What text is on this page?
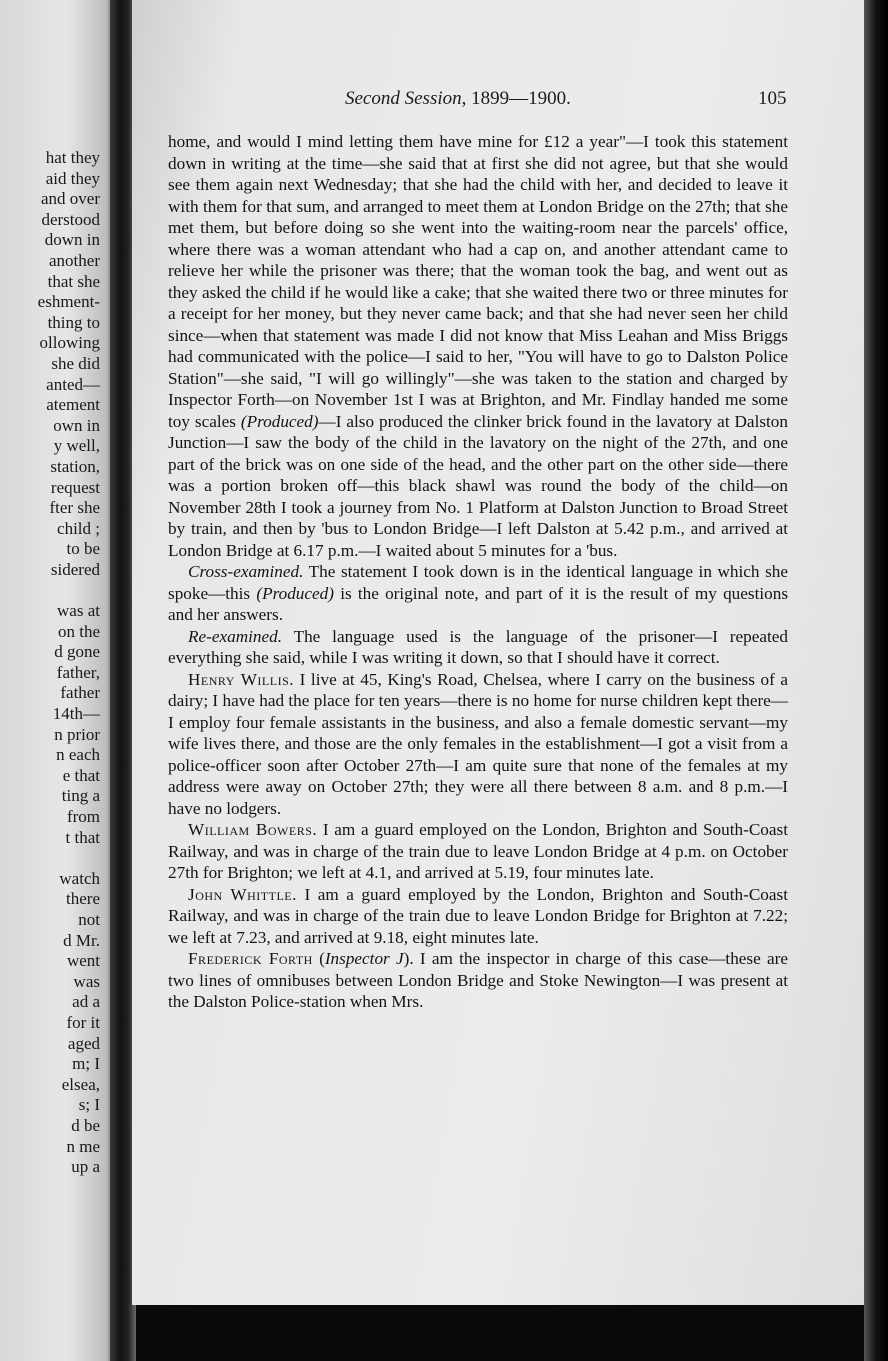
hat they
aid they
and over
derstood
down in
another
that she
eshment-
thing to
ollowing
she did
anted—
atement
own in
y well,
station,
request
fter she
child ;
to be
sidered
was at
on the
d gone
father,
father
14th—
n prior
n each
e that
ting a
from
t that
watch
there
not
d Mr.
went
was
ad a
for it
aged
m; I
elsea,
s; I
d be
n me
up a
Second Session, 1899—1900.	105

home, and would I mind letting them have mine for £12 a year"—I took this statement down in writing at the time—she said that at first she did not agree, but that she would see them again next Wednesday; that she had the child with her, and decided to leave it with them for that sum, and arranged to meet them at London Bridge on the 27th; that she met them, but before doing so she went into the waiting-room near the parcels' office, where there was a woman attendant who had a cap on, and another attendant came to relieve her while the prisoner was there; that the woman took the bag, and went out as they asked the child if he would like a cake; that she waited there two or three minutes for a receipt for her money, but they never came back; and that she had never seen her child since—when that statement was made I did not know that Miss Leahan and Miss Briggs had communicated with the police—I said to her, "You will have to go to Dalston Police Station"—she said, "I will go willingly"—she was taken to the station and charged by Inspector Forth—on November 1st I was at Brighton, and Mr. Findlay handed me some toy scales (Produced)—I also produced the clinker brick found in the lavatory at Dalston Junction—I saw the body of the child in the lavatory on the night of the 27th, and one part of the brick was on one side of the head, and the other part on the other side—there was a portion broken off—this black shawl was round the body of the child—on November 28th I took a journey from No. 1 Platform at Dalston Junction to Broad Street by train, and then by 'bus to London Bridge—I left Dalston at 5.42 p.m., and arrived at London Bridge at 6.17 p.m.—I waited about 5 minutes for a 'bus.

Cross-examined. The statement I took down is in the identical language in which she spoke—this (Produced) is the original note, and part of it is the result of my questions and her answers.

Re-examined. The language used is the language of the prisoner—I repeated everything she said, while I was writing it down, so that I should have it correct.

Henry Willis. I live at 45, King's Road, Chelsea, where I carry on the business of a dairy; I have had the place for ten years—there is no home for nurse children kept there—I employ four female assistants in the business, and also a female domestic servant—my wife lives there, and those are the only females in the establishment—I got a visit from a police-officer soon after October 27th—I am quite sure that none of the females at my address were away on October 27th; they were all there between 8 a.m. and 8 p.m.—I have no lodgers.

William Bowers. I am a guard employed on the London, Brighton and South-Coast Railway, and was in charge of the train due to leave London Bridge at 4 p.m. on October 27th for Brighton; we left at 4.1, and arrived at 5.19, four minutes late.

John Whittle. I am a guard employed by the London, Brighton and South-Coast Railway, and was in charge of the train due to leave London Bridge for Brighton at 7.22; we left at 7.23, and arrived at 9.18, eight minutes late.

Frederick Forth (Inspector J). I am the inspector in charge of this case—these are two lines of omnibuses between London Bridge and Stoke Newington—I was present at the Dalston Police-station when Mrs.
